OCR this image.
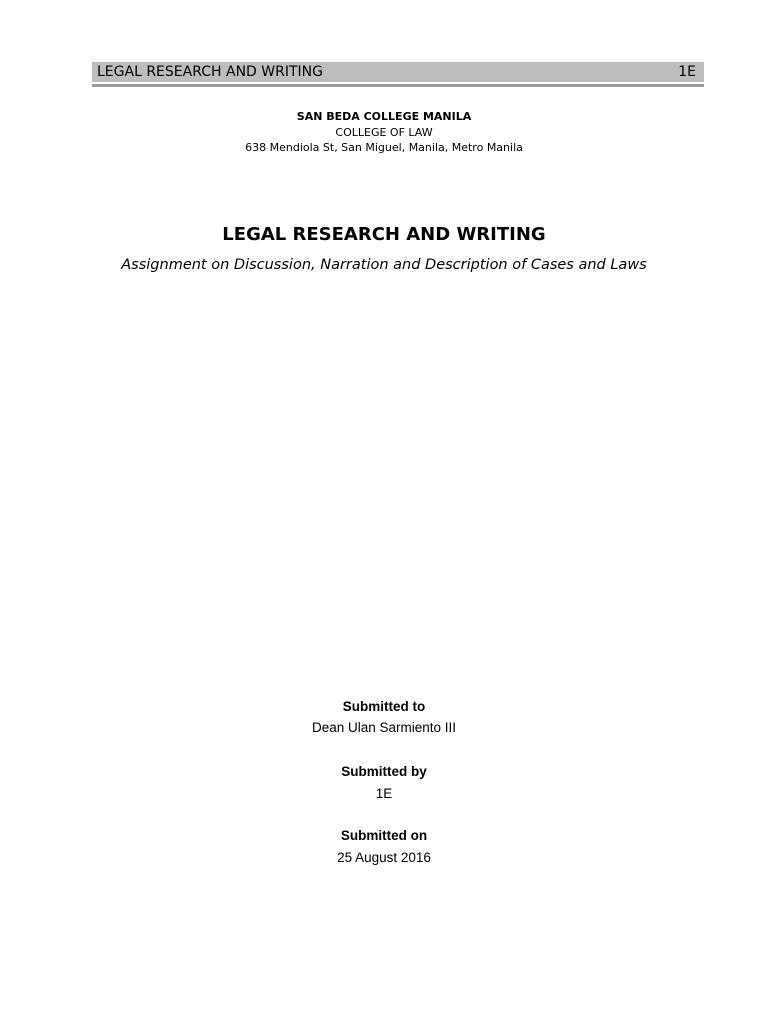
LEGAL RESEARCH AND WRITING	1E
SAN BEDA COLLEGE MANILA
COLLEGE OF LAW
638 Mendiola St, San Miguel, Manila, Metro Manila
LEGAL RESEARCH AND WRITING
Assignment on Discussion, Narration and Description of Cases and Laws
Submitted to
Dean Ulan Sarmiento III
Submitted by
1E
Submitted on
25 August 2016
